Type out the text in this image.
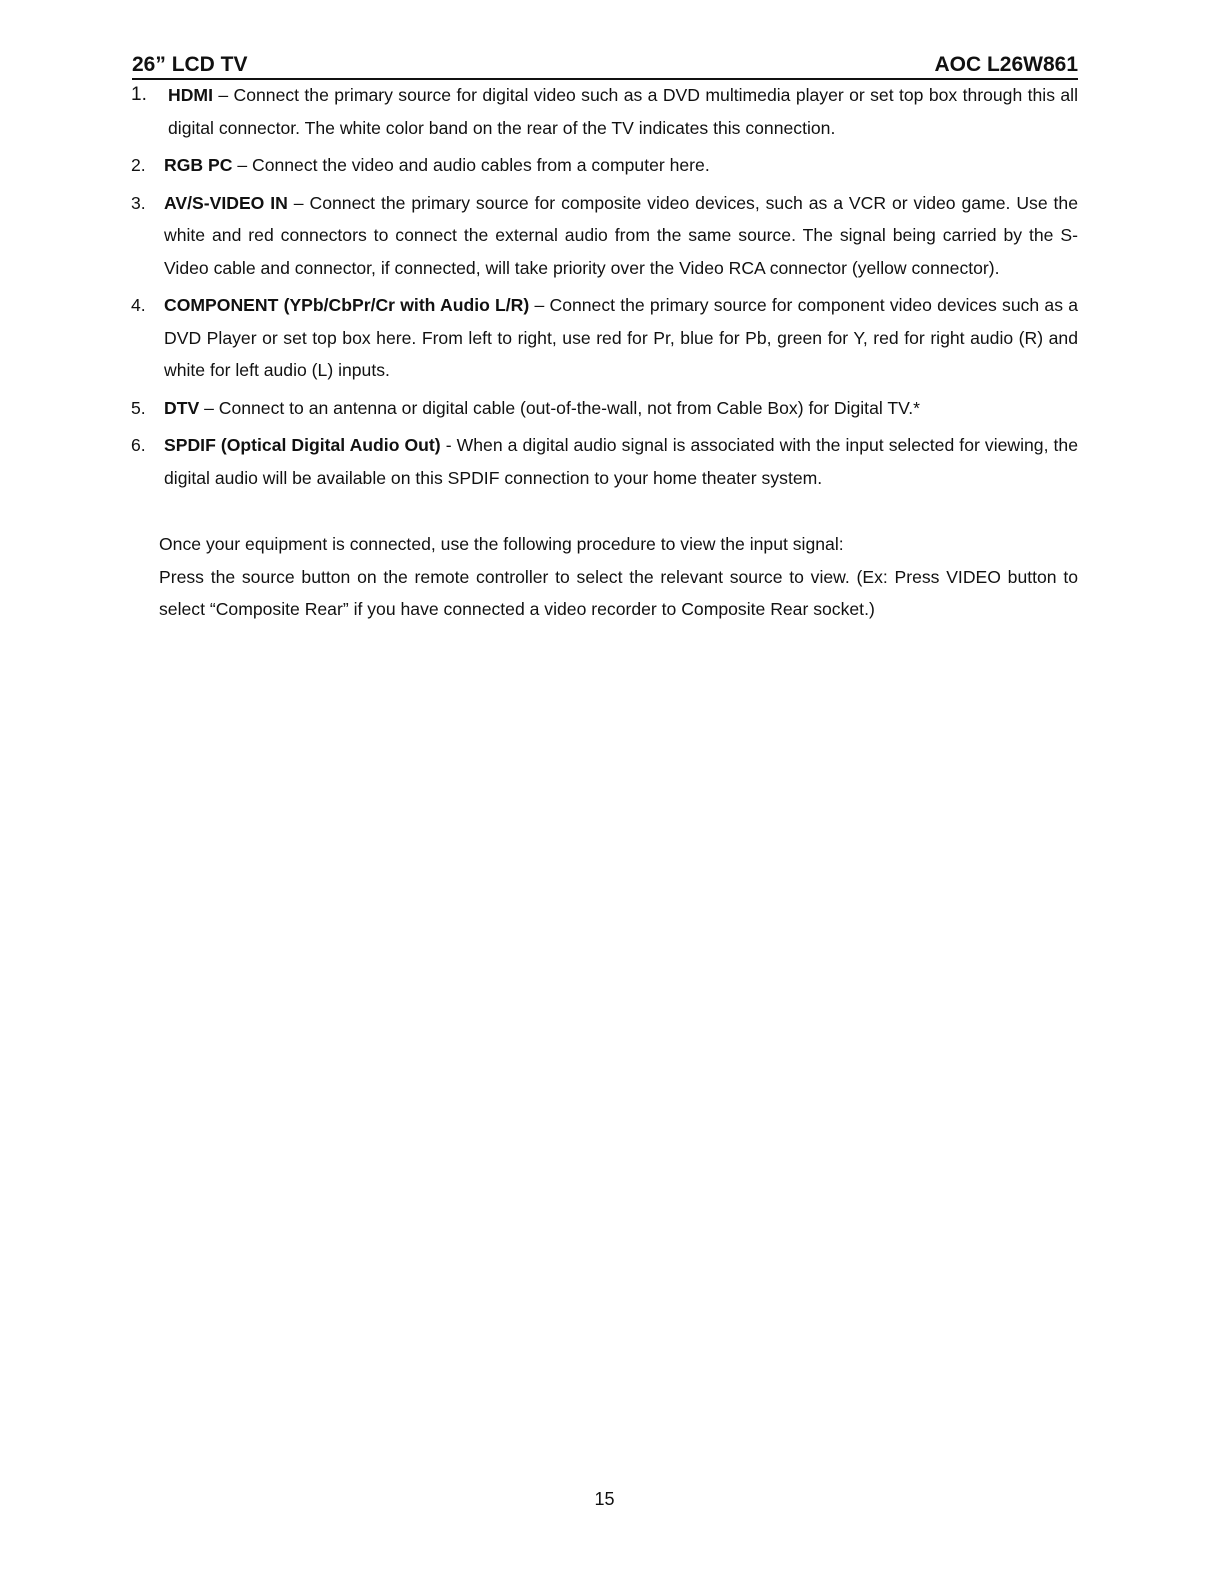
26” LCD TV	AOC L26W861
1. HDMI – Connect the primary source for digital video such as a DVD multimedia player or set top box through this all digital connector. The white color band on the rear of the TV indicates this connection.
2. RGB PC – Connect the video and audio cables from a computer here.
3. AV/S-VIDEO IN – Connect the primary source for composite video devices, such as a VCR or video game. Use the white and red connectors to connect the external audio from the same source. The signal being carried by the S-Video cable and connector, if connected, will take priority over the Video RCA connector (yellow connector).
4. COMPONENT (YPb/CbPr/Cr with Audio L/R) – Connect the primary source for component video devices such as a DVD Player or set top box here. From left to right, use red for Pr, blue for Pb, green for Y, red for right audio (R) and white for left audio (L) inputs.
5. DTV – Connect to an antenna or digital cable (out-of-the-wall, not from Cable Box) for Digital TV.*
6. SPDIF (Optical Digital Audio Out) - When a digital audio signal is associated with the input selected for viewing, the digital audio will be available on this SPDIF connection to your home theater system.

Once your equipment is connected, use the following procedure to view the input signal:

Press the source button on the remote controller to select the relevant source to view. (Ex: Press VIDEO button to select “Composite Rear” if you have connected a video recorder to Composite Rear socket.)

15
